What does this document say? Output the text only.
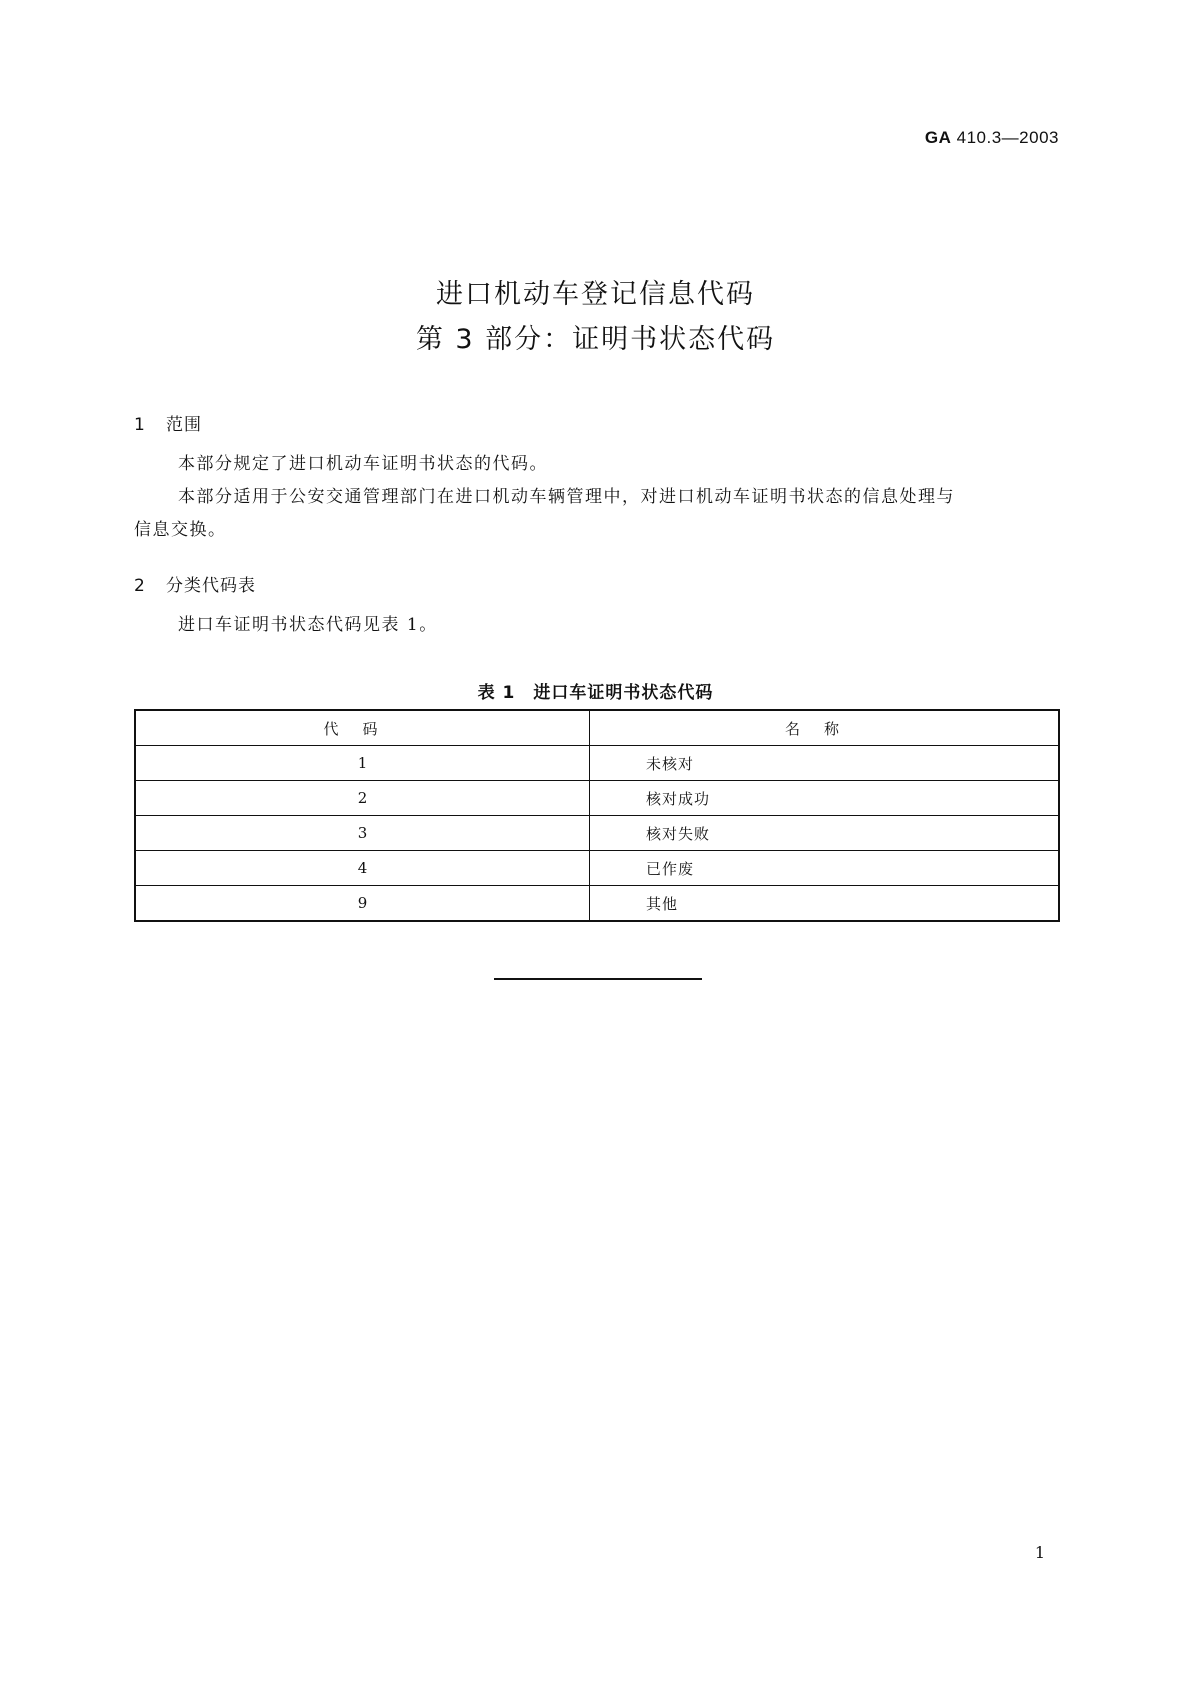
GA 410.3—2003
进口机动车登记信息代码
第 3 部分：证明书状态代码
1 范围
本部分规定了进口机动车证明书状态的代码。
本部分适用于公安交通管理部门在进口机动车辆管理中，对进口机动车证明书状态的信息处理与
信息交换。
2 分类代码表
进口车证明书状态代码见表 1。
表 1　进口车证明书状态代码
代码	名称
1	未核对
2	核对成功
3	核对失败
4	已作废
9	其他
1
